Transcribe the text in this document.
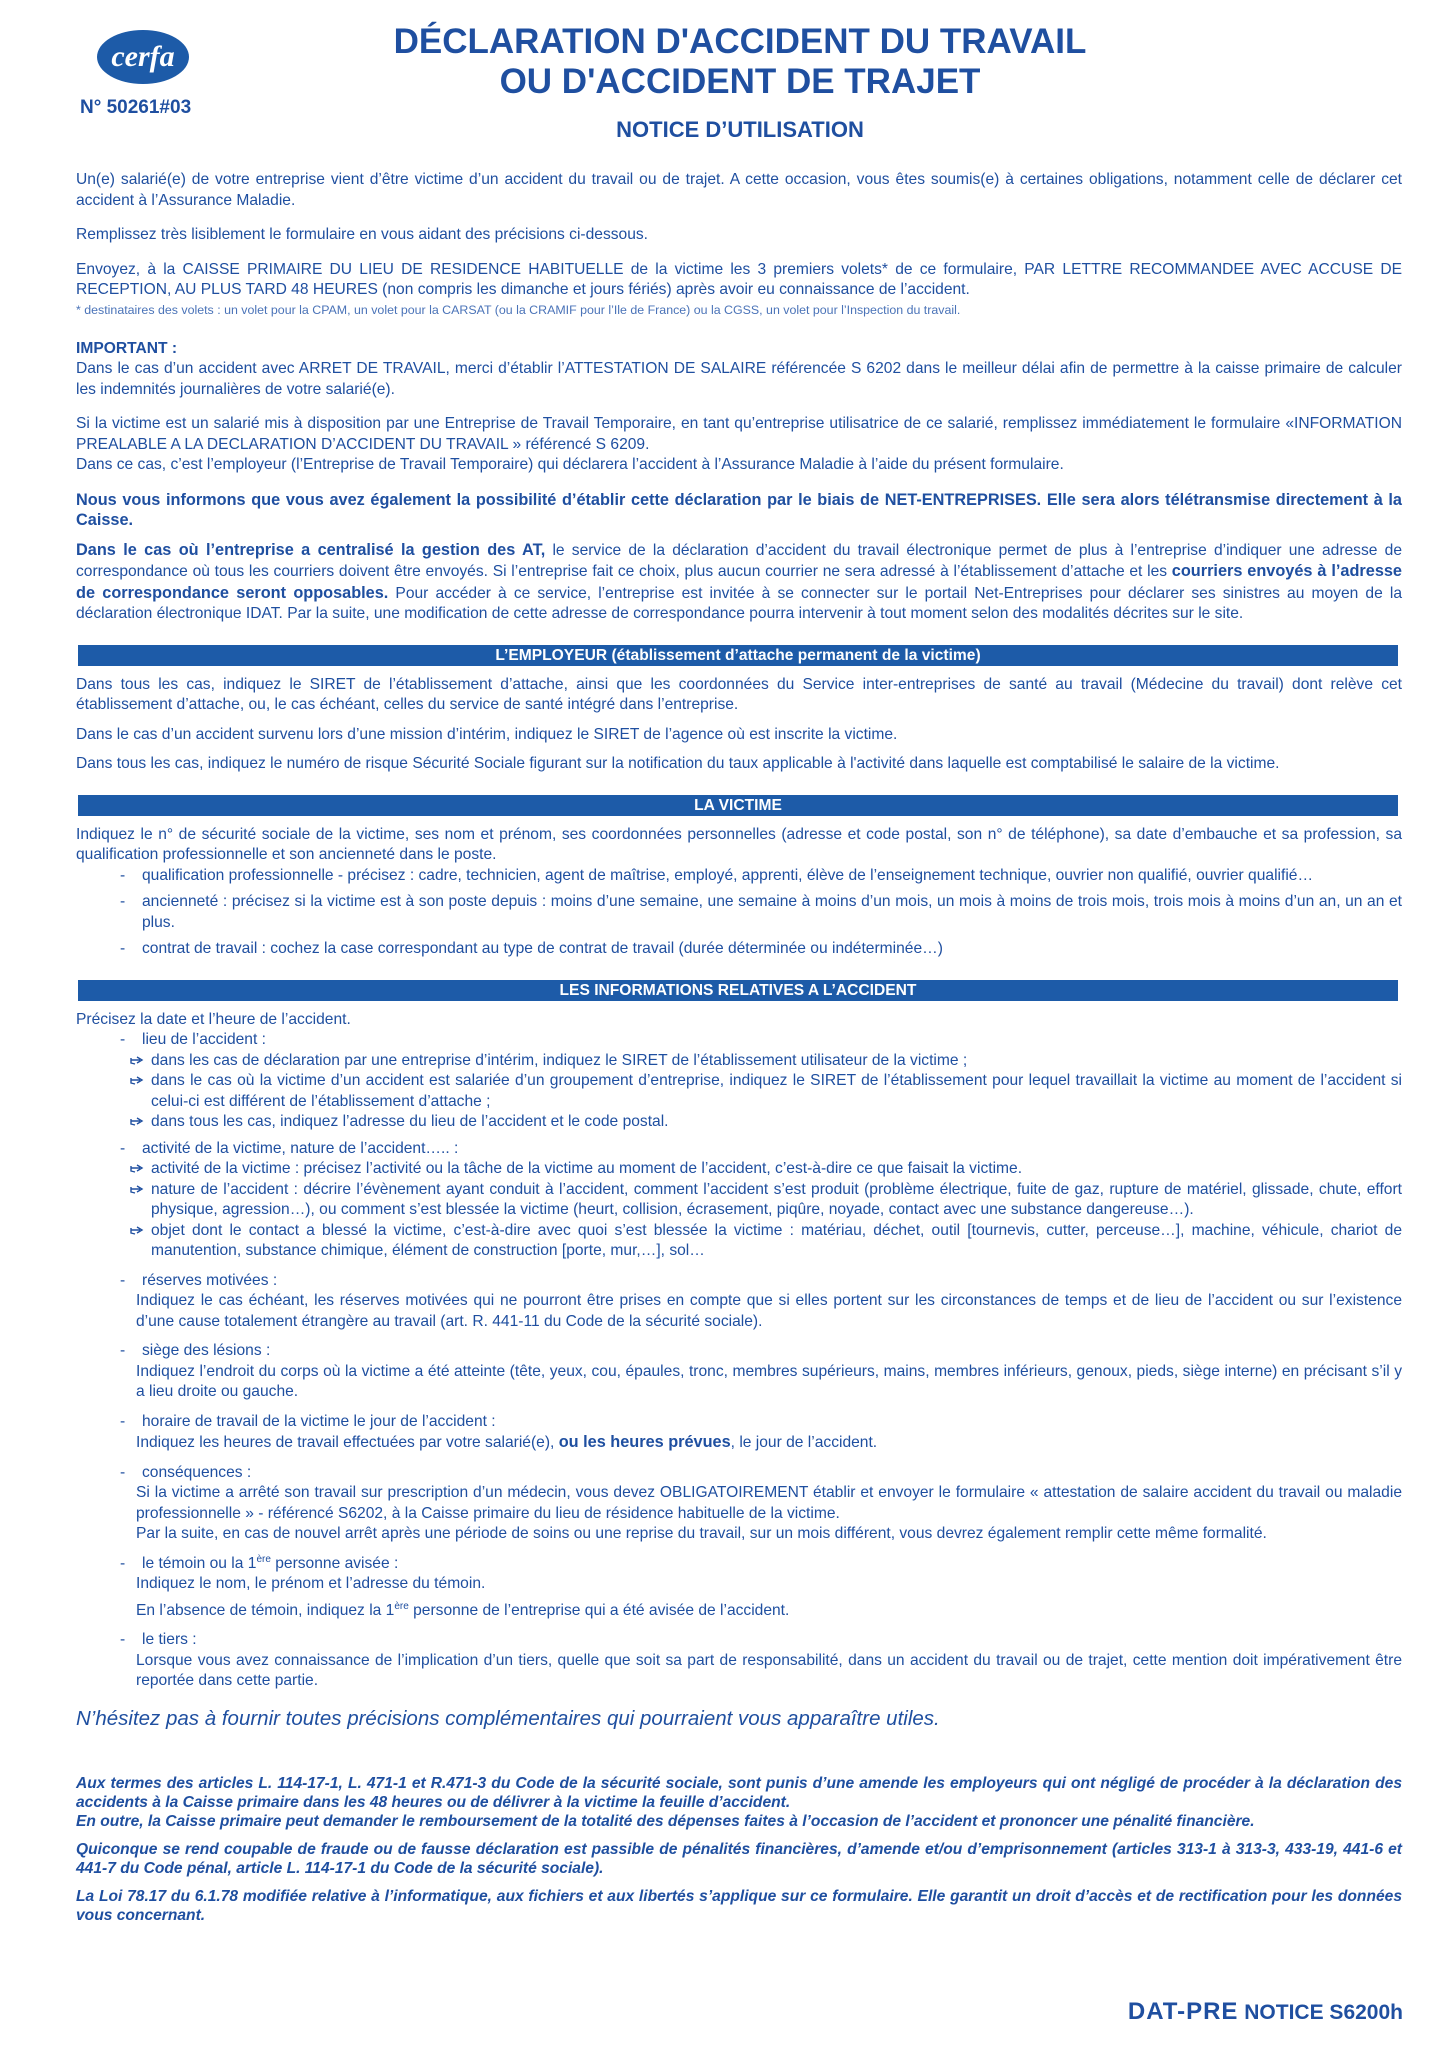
cerfa
N° 50261#03
DÉCLARATION D'ACCIDENT DU TRAVAIL
OU D'ACCIDENT DE TRAJET
NOTICE D’UTILISATION

Un(e) salarié(e) de votre entreprise vient d’être victime d’un accident du travail ou de trajet. A cette occasion, vous êtes soumis(e) à certaines obligations, notamment celle de déclarer cet accident à l’Assurance Maladie.

Remplissez très lisiblement le formulaire en vous aidant des précisions ci-dessous.

Envoyez, à la CAISSE PRIMAIRE DU LIEU DE RESIDENCE HABITUELLE de la victime les 3 premiers volets* de ce formulaire, PAR LETTRE RECOMMANDEE AVEC ACCUSE DE RECEPTION, AU PLUS TARD 48 HEURES (non compris les dimanche et jours fériés) après avoir eu connaissance de l’accident.

* destinataires des volets : un volet pour la CPAM, un volet pour la CARSAT (ou la CRAMIF pour l’Ile de France) ou la CGSS, un volet pour l’Inspection du travail.

IMPORTANT :

Dans le cas d’un accident avec ARRET DE TRAVAIL, merci d’établir l’ATTESTATION DE SALAIRE référencée S 6202 dans le meilleur délai afin de permettre à la caisse primaire de calculer les indemnités journalières de votre salarié(e).

Si la victime est un salarié mis à disposition par une Entreprise de Travail Temporaire, en tant qu’entreprise utilisatrice de ce salarié, remplissez immédiatement le formulaire «INFORMATION PREALABLE A LA DECLARATION D’ACCIDENT DU TRAVAIL » référencé S 6209.

Dans ce cas, c’est l’employeur (l’Entreprise de Travail Temporaire) qui déclarera l’accident à l’Assurance Maladie à l’aide du présent formulaire.

Nous vous informons que vous avez également la possibilité d’établir cette déclaration par le biais de NET-ENTREPRISES. Elle sera alors télétransmise directement à la Caisse.

Dans le cas où l’entreprise a centralisé la gestion des AT, le service de la déclaration d’accident du travail électronique permet de plus à l’entreprise d’indiquer une adresse de correspondance où tous les courriers doivent être envoyés. Si l’entreprise fait ce choix, plus aucun courrier ne sera adressé à l’établissement d’attache et les courriers envoyés à l’adresse de correspondance seront opposables. Pour accéder à ce service, l’entreprise est invitée à se connecter sur le portail Net-Entreprises pour déclarer ses sinistres au moyen de la déclaration électronique IDAT. Par la suite, une modification de cette adresse de correspondance pourra intervenir à tout moment selon des modalités décrites sur le site.

L’EMPLOYEUR (établissement d’attache permanent de la victime)

Dans tous les cas, indiquez le SIRET de l’établissement d’attache, ainsi que les coordonnées du Service inter-entreprises de santé au travail (Médecine du travail) dont relève cet établissement d’attache, ou, le cas échéant, celles du service de santé intégré dans l’entreprise.

Dans le cas d’un accident survenu lors d’une mission d’intérim, indiquez le SIRET de l’agence où est inscrite la victime.

Dans tous les cas, indiquez le numéro de risque Sécurité Sociale figurant sur la notification du taux applicable à l'activité dans laquelle est comptabilisé le salaire de la victime.

LA VICTIME

Indiquez le n° de sécurité sociale de la victime, ses nom et prénom, ses coordonnées personnelles (adresse et code postal, son n° de téléphone), sa date d’embauche et sa profession, sa qualification professionnelle et son ancienneté dans le poste.

- qualification professionnelle - précisez : cadre, technicien, agent de maîtrise, employé, apprenti, élève de l’enseignement technique, ouvrier non qualifié, ouvrier qualifié…
- ancienneté : précisez si la victime est à son poste depuis : moins d’une semaine, une semaine à moins d’un mois, un mois à moins de trois mois, trois mois à moins d’un an, un an et plus.
- contrat de travail : cochez la case correspondant au type de contrat de travail (durée déterminée ou indéterminée…)
LES INFORMATIONS RELATIVES A L’ACCIDENT

Précisez la date et l’heure de l’accident.

- lieu de l’accident :
dans les cas de déclaration par une entreprise d’intérim, indiquez le SIRET de l’établissement utilisateur de la victime ;
dans le cas où la victime d’un accident est salariée d’un groupement d’entreprise, indiquez le SIRET de l’établissement pour lequel travaillait la victime au moment de l’accident si celui-ci est différent de l’établissement d’attache ;
dans tous les cas, indiquez l’adresse du lieu de l’accident et le code postal.
- activité de la victime, nature de l’accident….. :
activité de la victime : précisez l’activité ou la tâche de la victime au moment de l’accident, c’est-à-dire ce que faisait la victime.
nature de l’accident : décrire l’évènement ayant conduit à l’accident, comment l’accident s’est produit (problème électrique, fuite de gaz, rupture de matériel, glissade, chute, effort physique, agression…), ou comment s’est blessée la victime (heurt, collision, écrasement, piqûre, noyade, contact avec une substance dangereuse…).
objet dont le contact a blessé la victime, c’est-à-dire avec quoi s’est blessée la victime : matériau, déchet, outil [tournevis, cutter, perceuse…], machine, véhicule, chariot de manutention, substance chimique, élément de construction [porte, mur,…], sol…
- réserves motivées :

Indiquez le cas échéant, les réserves motivées qui ne pourront être prises en compte que si elles portent sur les circonstances de temps et de lieu de l’accident ou sur l’existence d’une cause totalement étrangère au travail (art. R. 441-11 du Code de la sécurité sociale).

- siège des lésions :

Indiquez l’endroit du corps où la victime a été atteinte (tête, yeux, cou, épaules, tronc, membres supérieurs, mains, membres inférieurs, genoux, pieds, siège interne) en précisant s’il y a lieu droite ou gauche.

- horaire de travail de la victime le jour de l’accident :

Indiquez les heures de travail effectuées par votre salarié(e), ou les heures prévues, le jour de l’accident.

- conséquences :

Si la victime a arrêté son travail sur prescription d’un médecin, vous devez OBLIGATOIREMENT établir et envoyer le formulaire « attestation de salaire accident du travail ou maladie professionnelle » - référencé S6202, à la Caisse primaire du lieu de résidence habituelle de la victime.

Par la suite, en cas de nouvel arrêt après une période de soins ou une reprise du travail, sur un mois différent, vous devrez également remplir cette même formalité.

- le témoin ou la 1ère personne avisée :

Indiquez le nom, le prénom et l’adresse du témoin.

En l’absence de témoin, indiquez la 1ère personne de l’entreprise qui a été avisée de l’accident.

- le tiers :

Lorsque vous avez connaissance de l’implication d’un tiers, quelle que soit sa part de responsabilité, dans un accident du travail ou de trajet, cette mention doit impérativement être reportée dans cette partie.

N’hésitez pas à fournir toutes précisions complémentaires qui pourraient vous apparaître utiles.

Aux termes des articles L. 114-17-1, L. 471-1 et R.471-3 du Code de la sécurité sociale, sont punis d’une amende les employeurs qui ont négligé de procéder à la déclaration des accidents à la Caisse primaire dans les 48 heures ou de délivrer à la victime la feuille d’accident.

En outre, la Caisse primaire peut demander le remboursement de la totalité des dépenses faites à l’occasion de l’accident et prononcer une pénalité financière.

Quiconque se rend coupable de fraude ou de fausse déclaration est passible de pénalités financières, d’amende et/ou d’emprisonnement (articles 313-1 à 313-3, 433-19, 441-6 et 441-7 du Code pénal, article L. 114-17-1 du Code de la sécurité sociale).

La Loi 78.17 du 6.1.78 modifiée relative à l’informatique, aux fichiers et aux libertés s’applique sur ce formulaire. Elle garantit un droit d’accès et de rectification pour les données vous concernant.

DAT-PRE NOTICE S6200h
